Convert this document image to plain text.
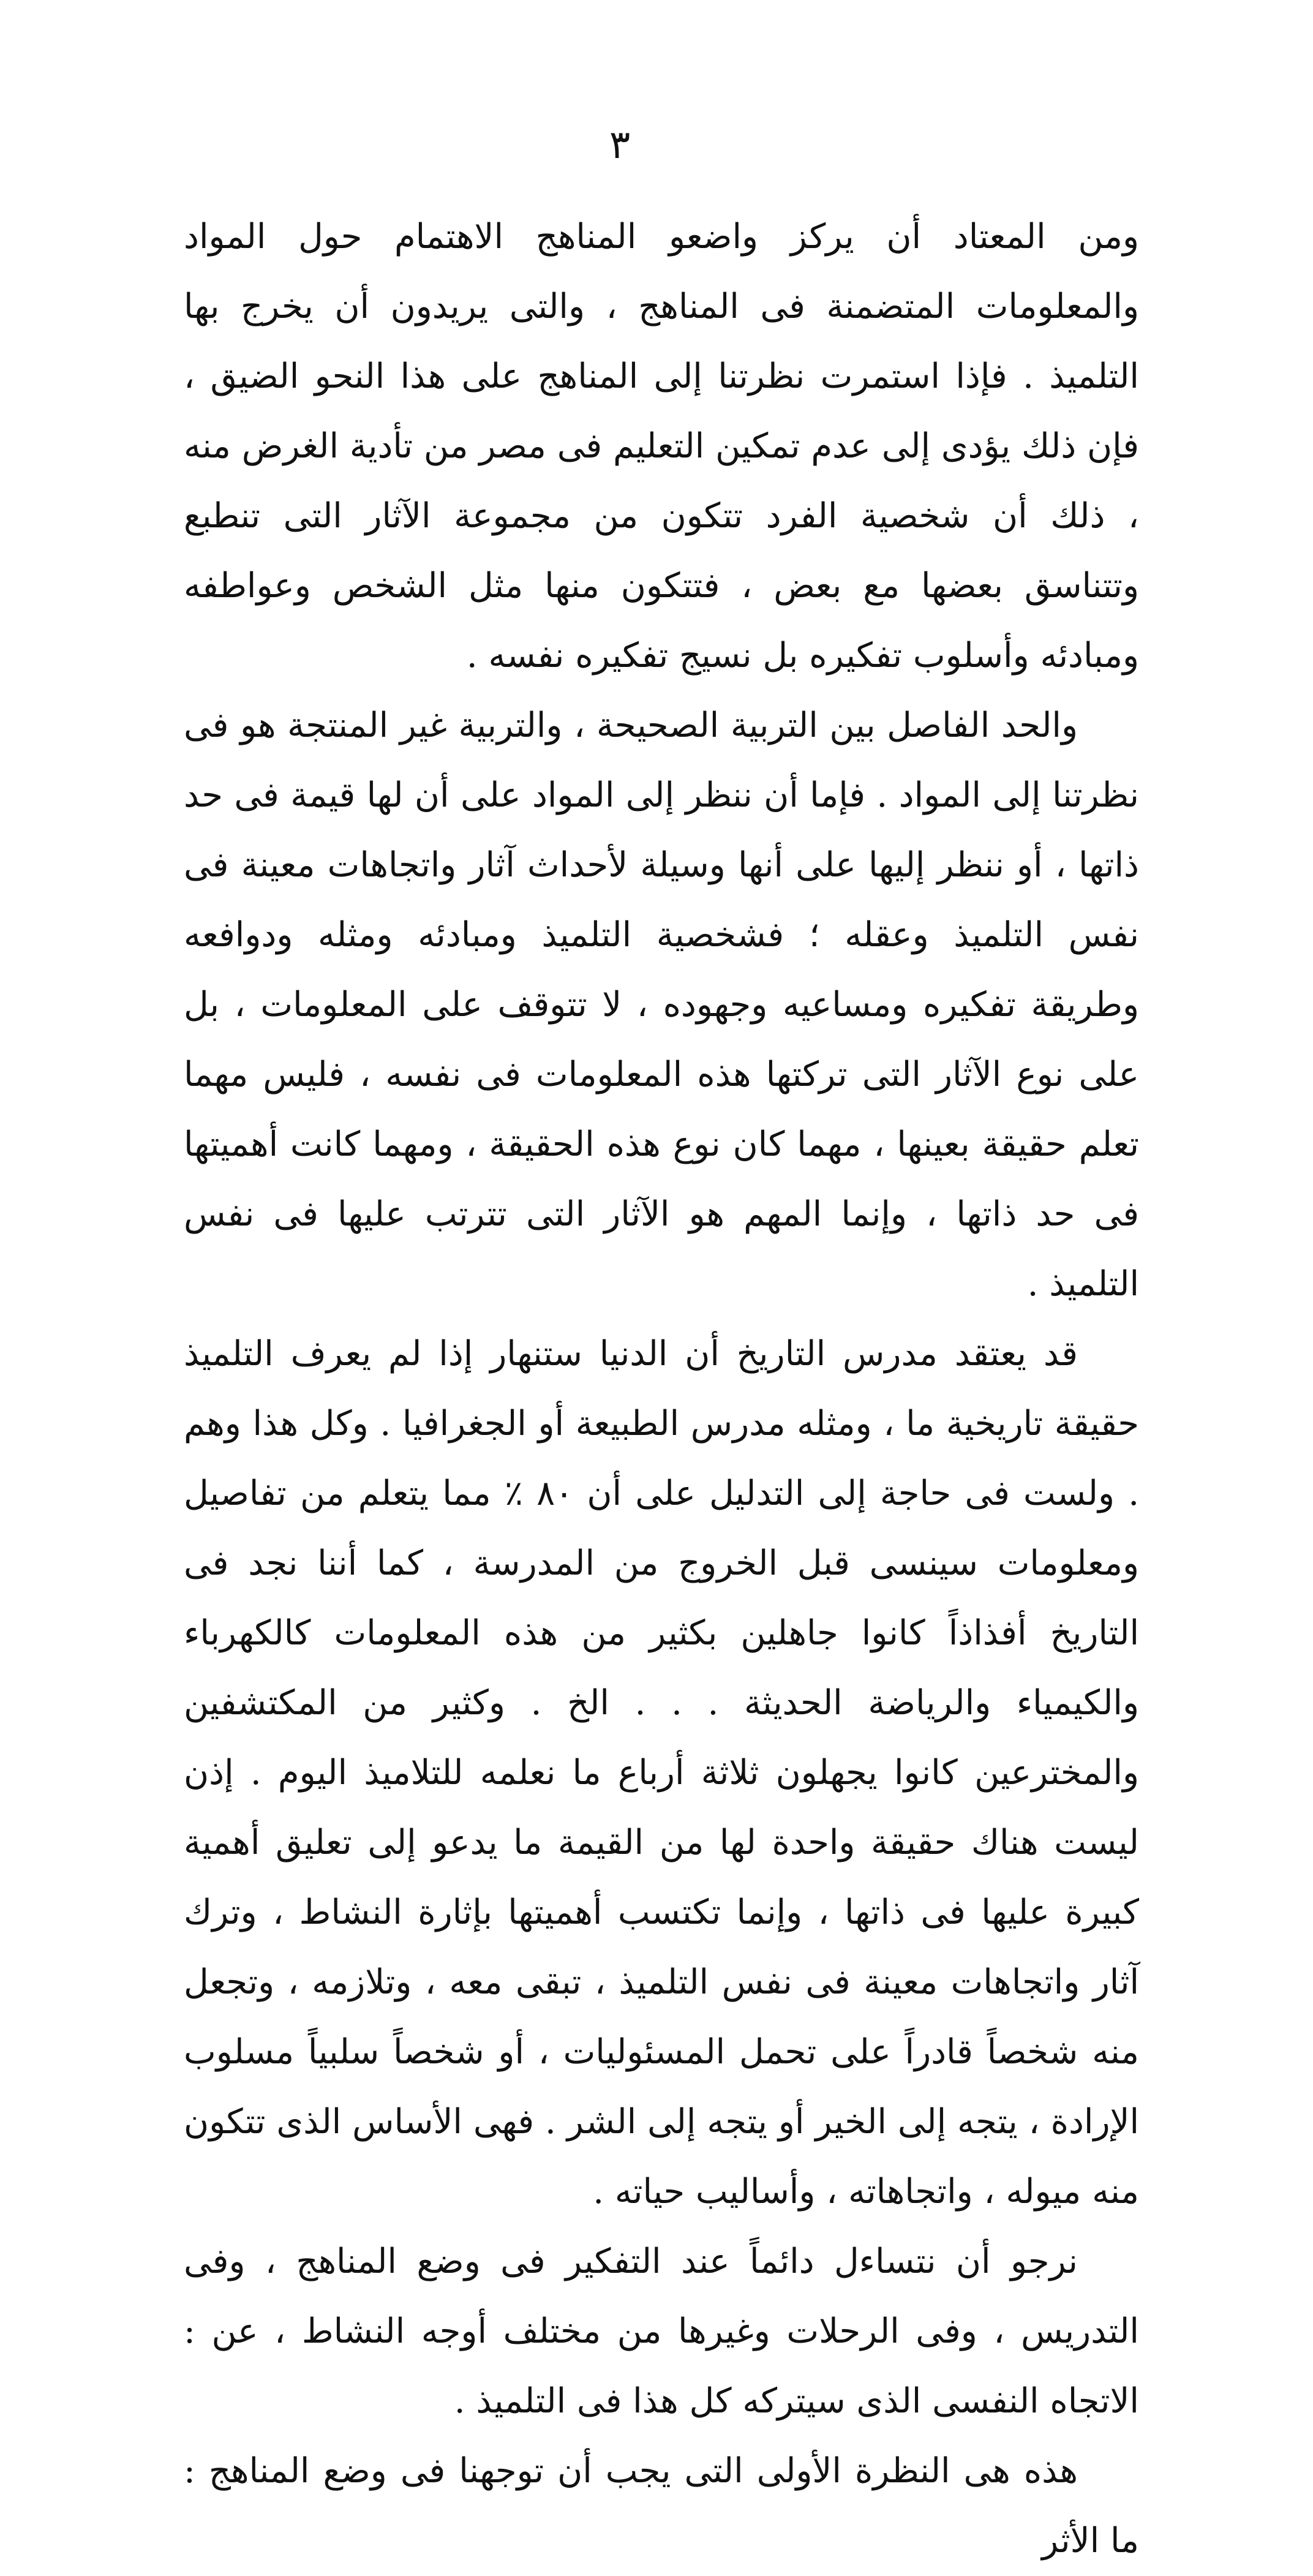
٣

ومن المعتاد أن يركز واضعو المناهج الاهتمام حول المواد والمعلومات المتضمنة فى المناهج ، والتى يريدون أن يخرج بها التلميذ . فإذا استمرت نظرتنا إلى المناهج على هذا النحو الضيق ، فإن ذلك يؤدى إلى عدم تمكين التعليم فى مصر من تأدية الغرض منه ، ذلك أن شخصية الفرد تتكون من مجموعة الآثار التى تنطبع وتتناسق بعضها مع بعض ، فتتكون منها مثل الشخص وعواطفه ومبادئه وأسلوب تفكيره بل نسيج تفكيره نفسه .

والحد الفاصل بين التربية الصحيحة ، والتربية غير المنتجة هو فى نظرتنا إلى المواد . فإما أن ننظر إلى المواد على أن لها قيمة فى حد ذاتها ، أو ننظر إليها على أنها وسيلة لأحداث آثار واتجاهات معينة فى نفس التلميذ وعقله ؛ فشخصية التلميذ ومبادئه ومثله ودوافعه وطريقة تفكيره ومساعيه وجهوده ، لا تتوقف على المعلومات ، بل على نوع الآثار التى تركتها هذه المعلومات فى نفسه ، فليس مهما تعلم حقيقة بعينها ، مهما كان نوع هذه الحقيقة ، ومهما كانت أهميتها فى حد ذاتها ، وإنما المهم هو الآثار التى تترتب عليها فى نفس التلميذ .

قد يعتقد مدرس التاريخ أن الدنيا ستنهار إذا لم يعرف التلميذ حقيقة تاريخية ما ، ومثله مدرس الطبيعة أو الجغرافيا . وكل هذا وهم . ولست فى حاجة إلى التدليل على أن ٨٠ ٪ مما يتعلم من تفاصيل ومعلومات سينسى قبل الخروج من المدرسة ، كما أننا نجد فى التاريخ أفذاذاً كانوا جاهلين بكثير من هذه المعلومات كالكهرباء والكيمياء والرياضة الحديثة . . . الخ . وكثير من المكتشفين والمخترعين كانوا يجهلون ثلاثة أرباع ما نعلمه للتلاميذ اليوم . إذن ليست هناك حقيقة واحدة لها من القيمة ما يدعو إلى تعليق أهمية كبيرة عليها فى ذاتها ، وإنما تكتسب أهميتها بإثارة النشاط ، وترك آثار واتجاهات معينة فى نفس التلميذ ، تبقى معه ، وتلازمه ، وتجعل منه شخصاً قادراً على تحمل المسئوليات ، أو شخصاً سلبياً مسلوب الإرادة ، يتجه إلى الخير أو يتجه إلى الشر . فهى الأساس الذى تتكون منه ميوله ، واتجاهاته ، وأساليب حياته .

نرجو أن نتساءل دائماً عند التفكير فى وضع المناهج ، وفى التدريس ، وفى الرحلات وغيرها من مختلف أوجه النشاط ، عن : الاتجاه النفسى الذى سيتركه كل هذا فى التلميذ .

هذه هى النظرة الأولى التى يجب أن توجهنا فى وضع المناهج : ما الأثر
